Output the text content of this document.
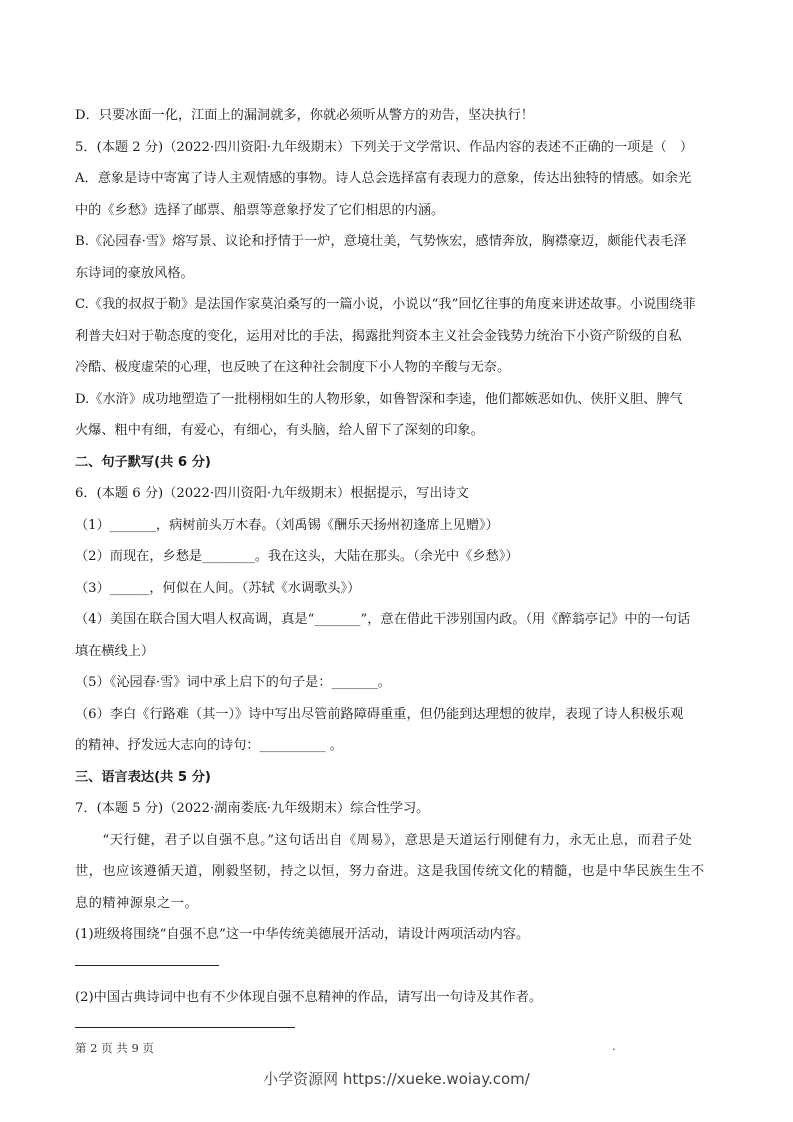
D．只要冰面一化，江面上的漏洞就多，你就必须听从警方的劝告，坚决执行！
5．(本题 2 分)（2022·四川资阳·九年级期末）下列关于文学常识、作品内容的表述不正确的一项是（　）
A．意象是诗中寄寓了诗人主观情感的事物。诗人总会选择富有表现力的意象，传达出独特的情感。如余光
中的《乡愁》选择了邮票、船票等意象抒发了它们相思的内涵。
B.《沁园春·雪》熔写景、议论和抒情于一炉，意境壮美，气势恢宏，感情奔放，胸襟豪迈，颇能代表毛泽
东诗词的豪放风格。
C.《我的叔叔于勒》是法国作家莫泊桑写的一篇小说，小说以“我”回忆往事的角度来讲述故事。小说围绕菲
利普夫妇对于勒态度的变化，运用对比的手法，揭露批判资本主义社会金钱势力统治下小资产阶级的自私
冷酷、极度虚荣的心理，也反映了在这种社会制度下小人物的辛酸与无奈。
D.《水浒》成功地塑造了一批栩栩如生的人物形象，如鲁智深和李逵，他们都嫉恶如仇、侠肝义胆、脾气
火爆、粗中有细，有爱心，有细心，有头脑，给人留下了深刻的印象。
二、句子默写(共 6 分)
6．(本题 6 分)（2022·四川资阳·九年级期末）根据提示，写出诗文
（1）_______，病树前头万木春。（刘禹锡《酬乐天扬州初逢席上见赠》）
（2）而现在，乡愁是________。我在这头，大陆在那头。（余光中《乡愁》）
（3）______，何似在人间。（苏轼《水调歌头》）
（4）美国在联合国大唱人权高调，真是“_______”，意在借此干涉别国内政。（用《醉翁亭记》中的一句话
填在横线上）
（5）《沁园春·雪》词中承上启下的句子是：_______。
（6）李白《行路难（其一）》诗中写出尽管前路障碍重重，但仍能到达理想的彼岸，表现了诗人积极乐观
的精神、抒发远大志向的诗句：__________ 。
三、语言表达(共 5 分)
7．(本题 5 分)（2022·湖南娄底·九年级期末）综合性学习。
　　“天行健，君子以自强不息。”这句话出自《周易》，意思是天道运行刚健有力，永无止息，而君子处
世，也应该遵循天道，刚毅坚韧，持之以恒，努力奋进。这是我国传统文化的精髓，也是中华民族生生不
息的精神源泉之一。
(1)班级将围绕“自强不息”这一中华传统美德展开活动，请设计两项活动内容。
(2)中国古典诗词中也有不少体现自强不息精神的作品，请写出一句诗及其作者。
第 2 页 共 9 页	.
小学资源网 https://xueke.woiay.com/
